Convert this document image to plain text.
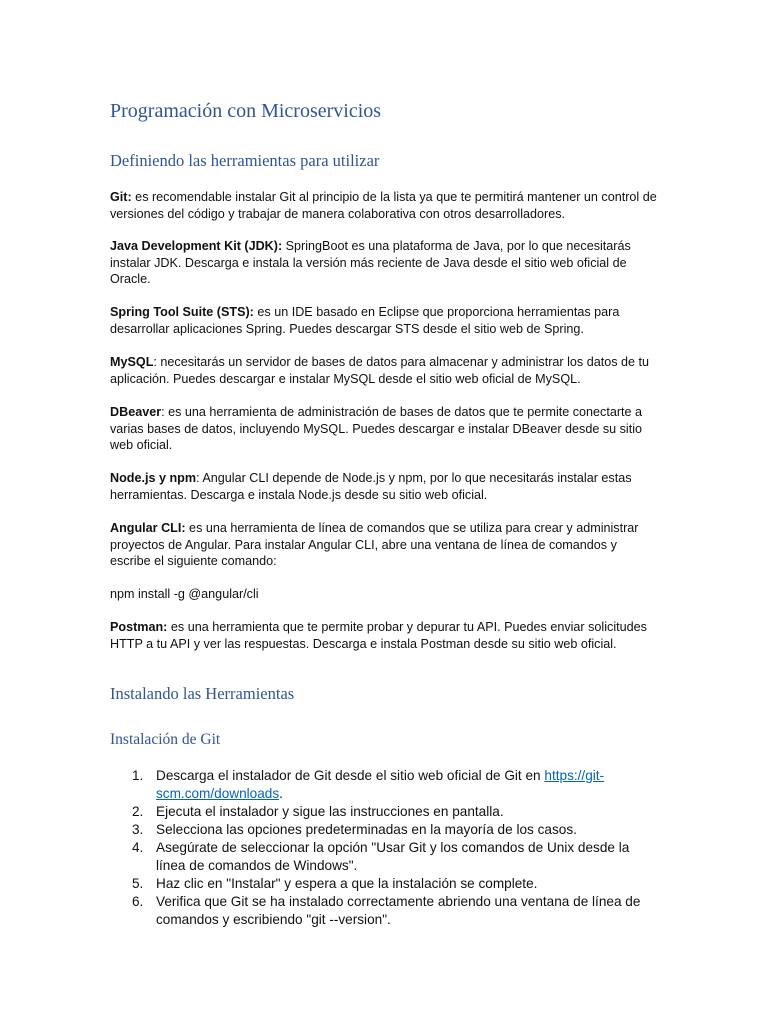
Programación con Microservicios
Definiendo las herramientas para utilizar

Git: es recomendable instalar Git al principio de la lista ya que te permitirá mantener un control de versiones del código y trabajar de manera colaborativa con otros desarrolladores.

Java Development Kit (JDK): SpringBoot es una plataforma de Java, por lo que necesitarás instalar JDK. Descarga e instala la versión más reciente de Java desde el sitio web oficial de Oracle.

Spring Tool Suite (STS): es un IDE basado en Eclipse que proporciona herramientas para desarrollar aplicaciones Spring. Puedes descargar STS desde el sitio web de Spring.

MySQL: necesitarás un servidor de bases de datos para almacenar y administrar los datos de tu aplicación. Puedes descargar e instalar MySQL desde el sitio web oficial de MySQL.

DBeaver: es una herramienta de administración de bases de datos que te permite conectarte a varias bases de datos, incluyendo MySQL. Puedes descargar e instalar DBeaver desde su sitio web oficial.

Node.js y npm: Angular CLI depende de Node.js y npm, por lo que necesitarás instalar estas herramientas. Descarga e instala Node.js desde su sitio web oficial.

Angular CLI: es una herramienta de línea de comandos que se utiliza para crear y administrar proyectos de Angular. Para instalar Angular CLI, abre una ventana de línea de comandos y escribe el siguiente comando:

npm install -g @angular/cli

Postman: es una herramienta que te permite probar y depurar tu API. Puedes enviar solicitudes HTTP a tu API y ver las respuestas. Descarga e instala Postman desde su sitio web oficial.

Instalando las Herramientas
Instalación de Git
1. Descarga el instalador de Git desde el sitio web oficial de Git en https://git-scm.com/downloads.
2. Ejecuta el instalador y sigue las instrucciones en pantalla.
3. Selecciona las opciones predeterminadas en la mayoría de los casos.
4. Asegúrate de seleccionar la opción "Usar Git y los comandos de Unix desde la línea de comandos de Windows".
5. Haz clic en "Instalar" y espera a que la instalación se complete.
6. Verifica que Git se ha instalado correctamente abriendo una ventana de línea de comandos y escribiendo "git --version".
